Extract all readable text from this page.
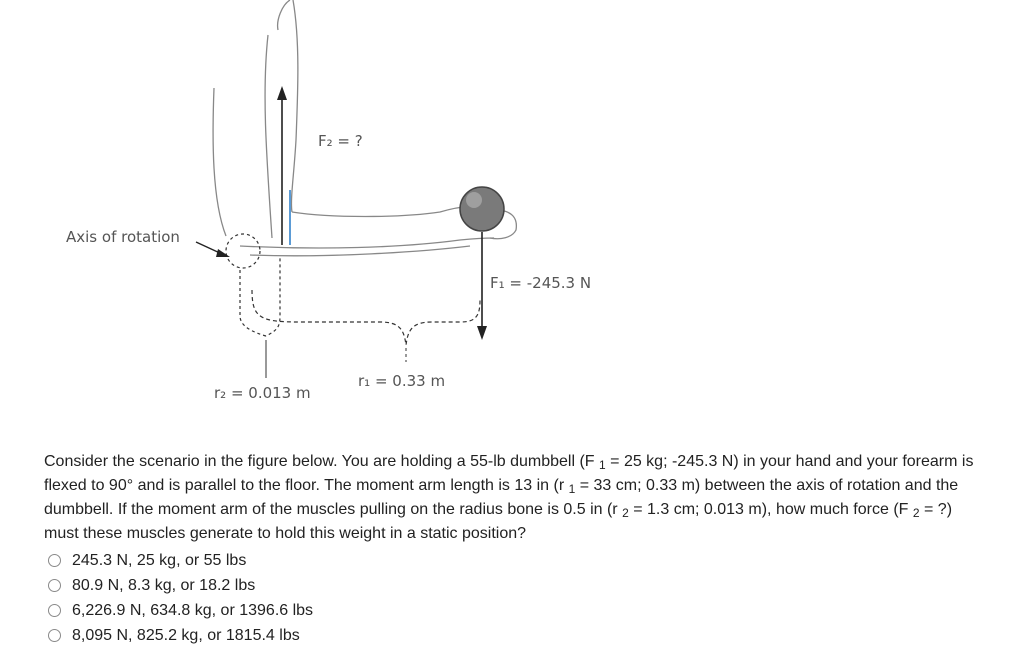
F₂ = ?
Axis of rotation
F₁ = -245.3 N
r₁ = 0.33 m
r₂ = 0.013 m

Consider the scenario in the figure below. You are holding a 55-lb dumbbell (F $_1$ = 25 kg; -245.3 N) in your hand and your forearm is flexed to 90° and is parallel to the floor. The moment arm length is 13 in (r $_1$ = 33 cm; 0.33 m) between the axis of rotation and the dumbbell. If the moment arm of the muscles pulling on the radius bone is 0.5 in (r $_2$ = 1.3 cm; 0.013 m), how much force (F $_2$ = ?) must these muscles generate to hold this weight in a static position?

245.3 N, 25 kg, or 55 lbs
80.9 N, 8.3 kg, or 18.2 lbs
6,226.9 N, 634.8 kg, or 1396.6 lbs
8,095 N, 825.2 kg, or 1815.4 lbs
